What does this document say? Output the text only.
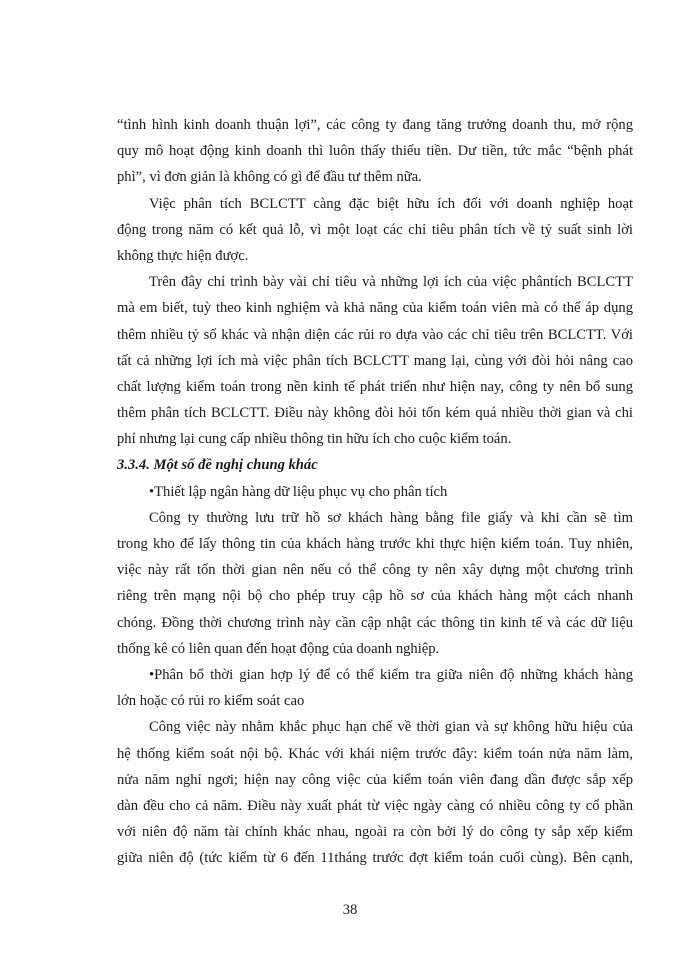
“tình hình kinh doanh thuận lợi”, các công ty đang tăng trưởng doanh thu, mở rộng
quy mô hoạt động kinh doanh thì luôn thấy thiếu tiền. Dư tiền, tức mắc “bệnh phát
phì”, vì đơn giản là không có gì để đầu tư thêm nữa.
Việc phân tích BCLCTT càng đặc biệt hữu ích đối với doanh nghiệp hoạt
động trong năm có kết quả lỗ, vì một loạt các chỉ tiêu phân tích về tỷ suất sinh lời
không thực hiện được.
Trên đây chỉ trình bày vài chỉ tiêu và những lợi ích của việc phântích BCLCTT
mà em biết, tuỳ theo kinh nghiệm và khả năng của kiểm toán viên mà có thể áp dụng
thêm nhiều tỷ số khác và nhận diện các rủi ro dựa vào các chỉ tiêu trên BCLCTT. Với
tất cả những lợi ích mà việc phân tích BCLCTT mang lại, cùng với đòi hỏi nâng cao
chất lượng kiểm toán trong nền kinh tế phát triển như hiện nay, công ty nên bổ sung
thêm phân tích BCLCTT. Điều này không đòi hỏi tốn kém quá nhiều thời gian và chi
phí nhưng lại cung cấp nhiều thông tin hữu ích cho cuộc kiểm toán.
3.3.4. Một số đề nghị chung khác
•Thiết lập ngân hàng dữ liệu phục vụ cho phân tích
Công ty thường lưu trữ hồ sơ khách hàng bằng file giấy và khi cần sẽ tìm
trong kho để lấy thông tin của khách hàng trước khi thực hiện kiểm toán. Tuy nhiên,
việc này rất tốn thời gian nên nếu có thể công ty nên xây dựng một chương trình
riêng trên mạng nội bộ cho phép truy cập hồ sơ của khách hàng một cách nhanh
chóng. Đồng thời chương trình này cần cập nhật các thông tin kinh tế và các dữ liệu
thống kê có liên quan đến hoạt động của doanh nghiệp.
•Phân bổ thời gian hợp lý để có thể kiểm tra giữa niên độ những khách hàng
lớn hoặc có rủi ro kiểm soát cao
Công việc này nhằm khắc phục hạn chế về thời gian và sự không hữu hiệu của
hệ thống kiểm soát nội bộ. Khác với khái niệm trước đây: kiểm toán nửa năm làm,
nửa năm nghỉ ngơi; hiện nay công việc của kiểm toán viên đang dần được sắp xếp
dàn đều cho cả năm. Điều này xuất phát từ việc ngày càng có nhiều công ty cổ phần
với niên độ năm tài chính khác nhau, ngoài ra còn bởi lý do công ty sắp xếp kiểm
giữa niên độ (tức kiểm từ 6 đến 11tháng trước đợt kiểm toán cuối cùng). Bên cạnh,
38
